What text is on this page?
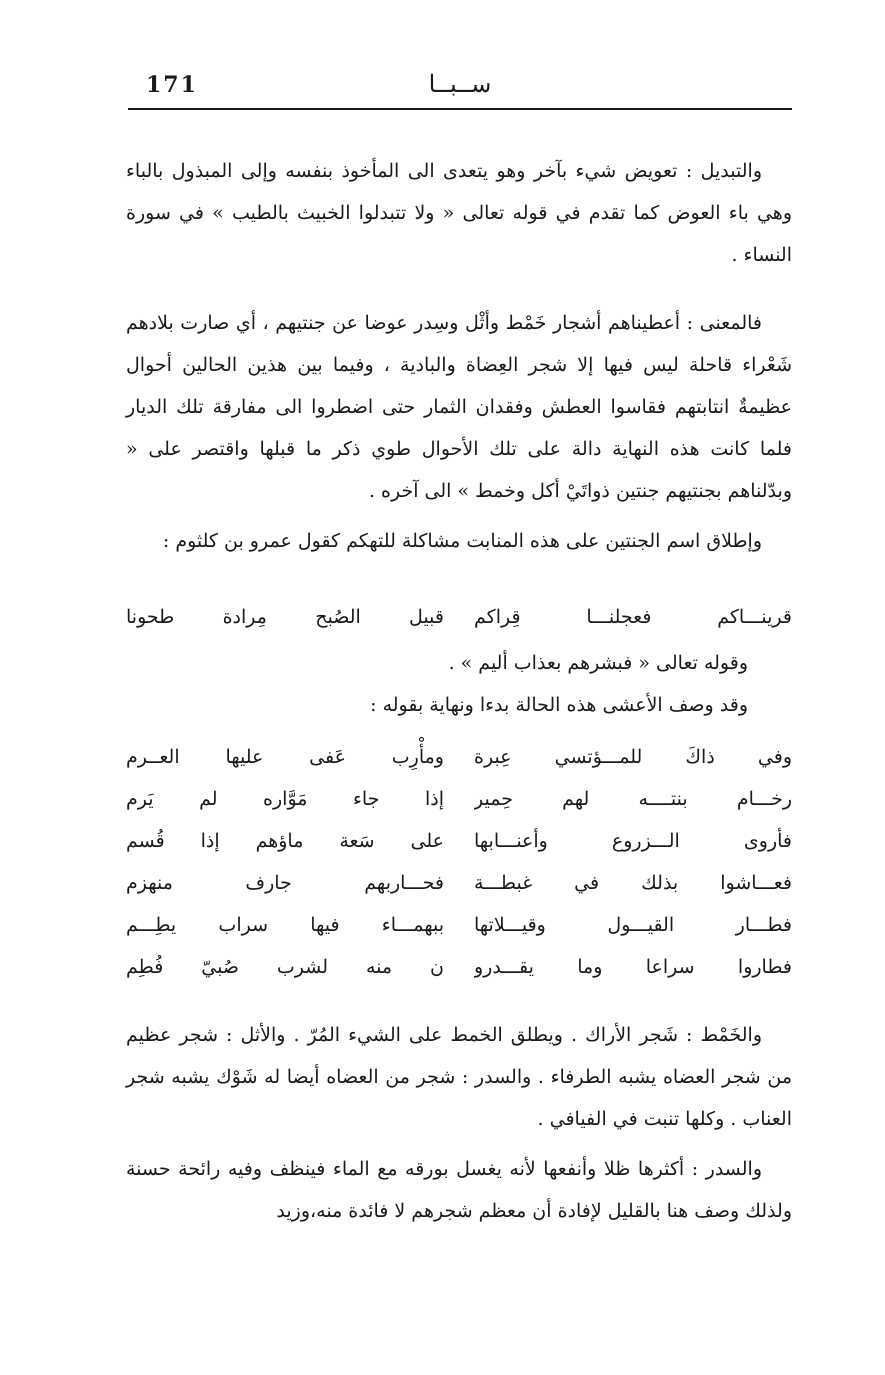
171	ســبــا

والتبديل : تعويض شيء بآخر وهو يتعدى الى المأخوذ بنفسه وإلى المبذول بالباء وهي باء العوض كما تقدم في قوله تعالى « ولا تتبدلوا الخبيث بالطيب » في سورة النساء .

فالمعنى : أعطيناهم أشجار خَمْط وأثْل وسِدر عوضا عن جنتيهم ، أي صارت بلادهم شَعْراء قاحلة ليس فيها إلا شجر العِضاة والبادية ، وفيما بين هذين الحالين أحوال عظيمةٌ انتابتهم فقاسوا العطش وفقدان الثمار حتى اضطروا الى مفارقة تلك الديار فلما كانت هذه النهاية دالة على تلك الأحوال طوي ذكر ما قبلها واقتصر على « وبدّلناهم بجنتيهم جنتين ذواتَيْ أكل وخمط » الى آخره .

وإطلاق اسم الجنتين على هذه المنابت مشاكلة للتهكم كقول عمرو بن كلثوم :

قرينـــاكم فعجلنـــا قِراكم
قبيل الصُبح مِرادة طحونا

وقوله تعالى « فبشرهم بعذاب أليم » .

وقد وصف الأعشى هذه الحالة بدءا ونهاية بقوله :

وفي ذاكَ للمـــؤتسي عِبرة
ومأْرِب عَفى عليها العــرم
رخـــام بنتــــه لهم حِمير
إذا جاء مَوَّاره لم يَرم
فأروى الـــزروع وأعنـــابها
على سَعة ماؤهم إذا قُسم
فعـــاشوا بذلك في غبطـــة
فحـــاربهم جارف منهزم
فطـــار القيـــول وقيـــلاتها
ببهمـــاء فيها سراب يطِـــم
فطاروا سراعا وما يقـــدرو
ن منه لشرب صُبيّ فُطِم

والخَمْط : شَجر الأراك . ويطلق الخمط على الشيء المُرّ . والأثل : شجر عظيم من شجر العضاه يشبه الطرفاء . والسدر : شجر من العضاه أيضا له شَوْك يشبه شجر العناب . وكلها تنبت في الفيافي .

والسدر : أكثرها ظلا وأنفعها لأنه يغسل بورقه مع الماء فينظف وفيه رائحة حسنة ولذلك وصف هنا بالقليل لإفادة أن معظم شجرهم لا فائدة منه،وزيد
